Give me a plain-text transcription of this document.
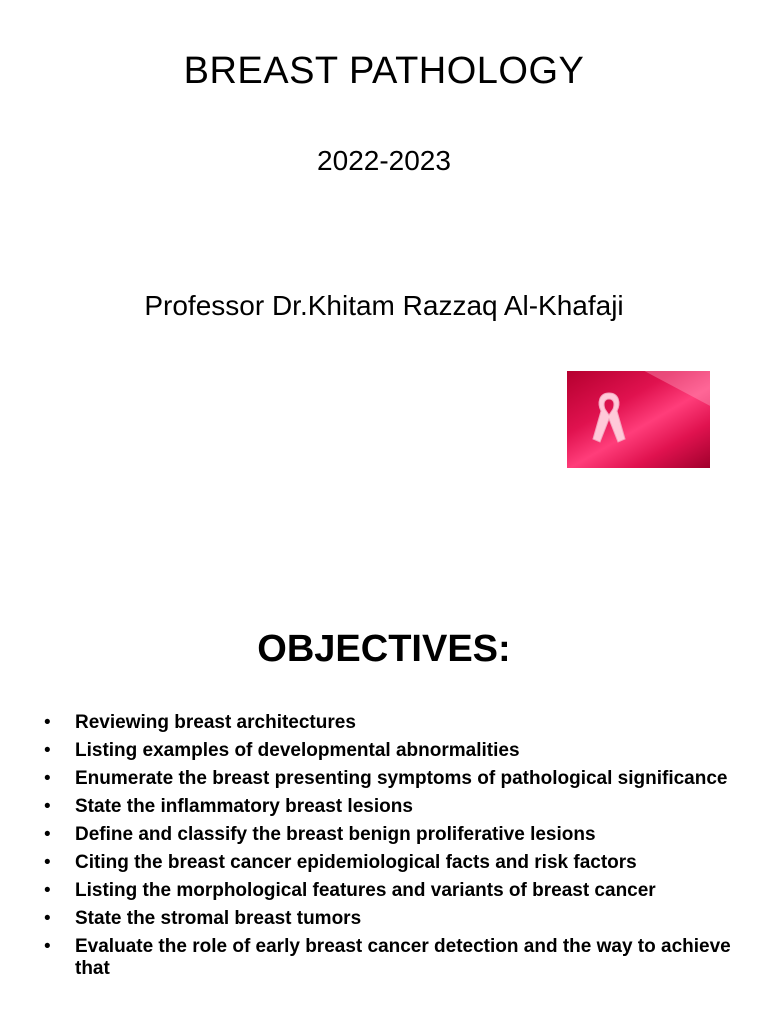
BREAST PATHOLOGY
2022-2023
Professor Dr.Khitam Razzaq Al-Khafaji
OBJECTIVES:
• Reviewing breast architectures
• Listing examples of developmental abnormalities
• Enumerate the breast presenting symptoms of pathological significance
• State the inflammatory breast lesions
• Define and classify the breast benign proliferative lesions
• Citing the breast cancer epidemiological facts and risk factors
• Listing the morphological features and variants of breast cancer
• State the stromal breast tumors
• Evaluate the role of early breast cancer detection and the way to achieve that
